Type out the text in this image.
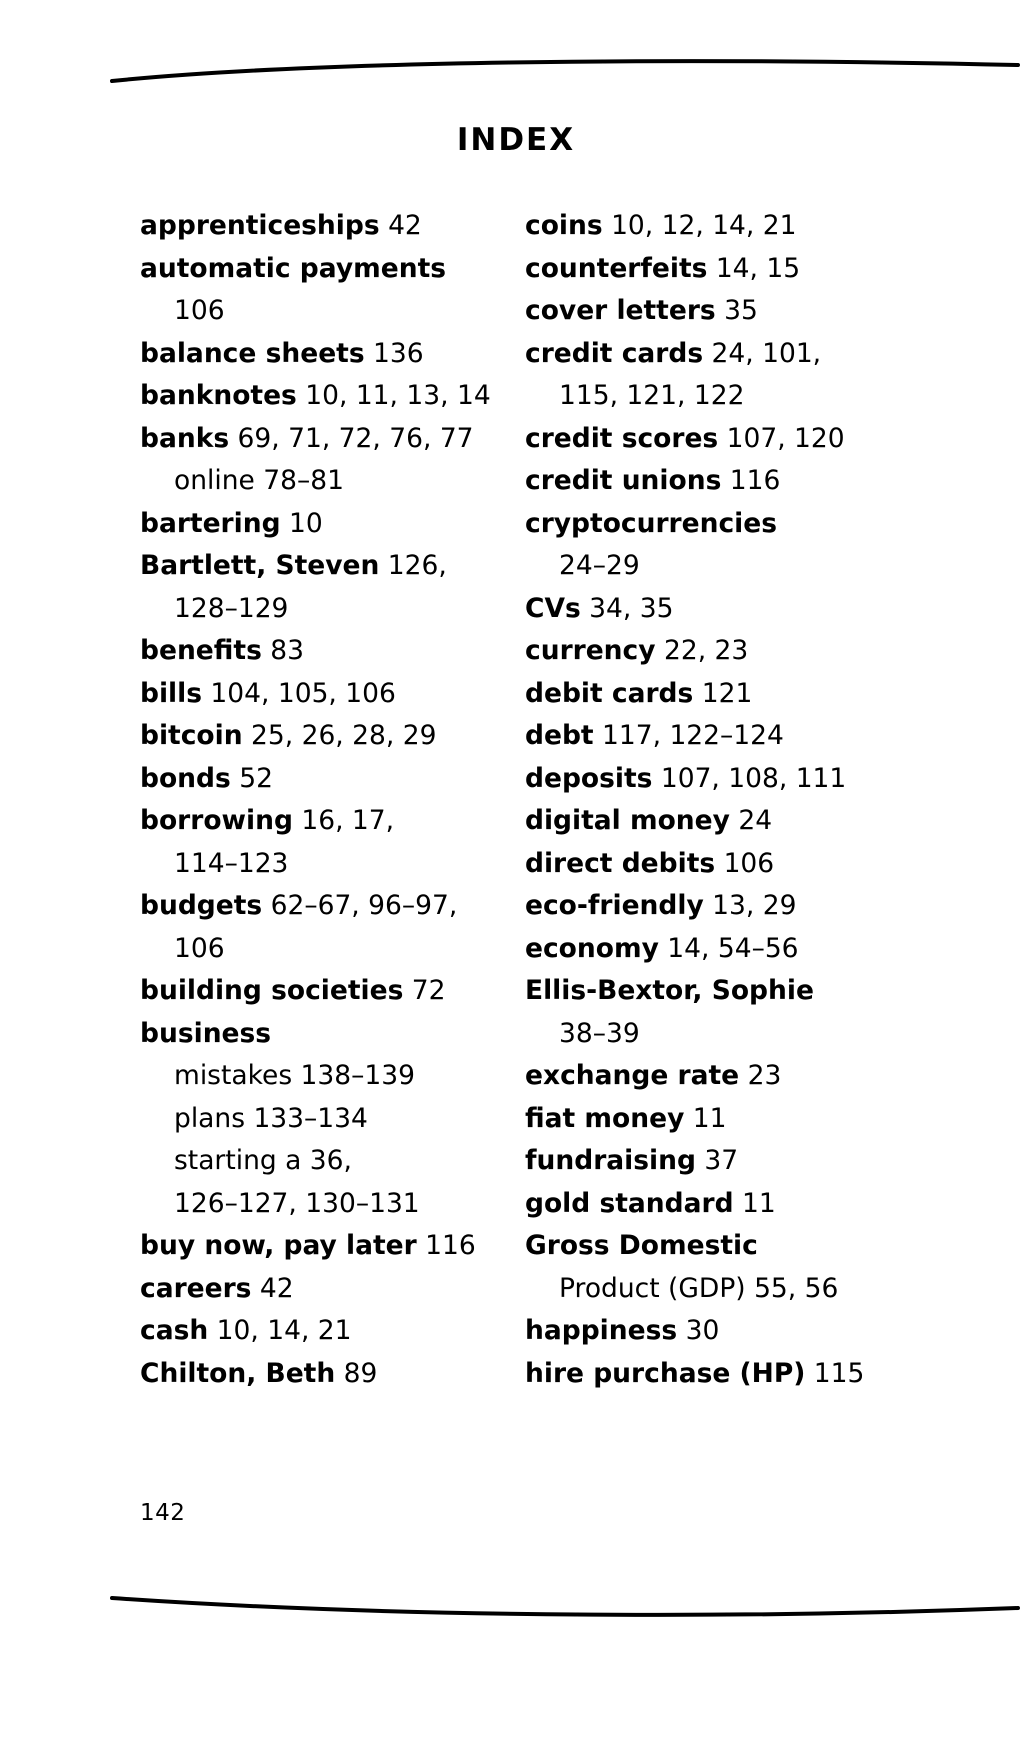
INDEX
apprenticeships 42
automatic payments
106
balance sheets 136
banknotes 10, 11, 13, 14
banks 69, 71, 72, 76, 77
online 78–81
bartering 10
Bartlett, Steven 126,
128–129
benefits 83
bills 104, 105, 106
bitcoin 25, 26, 28, 29
bonds 52
borrowing 16, 17,
114–123
budgets 62–67, 96–97,
106
building societies 72
business
mistakes 138–139
plans 133–134
starting a 36,
126–127, 130–131
buy now, pay later 116
careers 42
cash 10, 14, 21
Chilton, Beth 89
coins 10, 12, 14, 21
counterfeits 14, 15
cover letters 35
credit cards 24, 101,
115, 121, 122
credit scores 107, 120
credit unions 116
cryptocurrencies
24–29
CVs 34, 35
currency 22, 23
debit cards 121
debt 117, 122–124
deposits 107, 108, 111
digital money 24
direct debits 106
eco-friendly 13, 29
economy 14, 54–56
Ellis-Bextor, Sophie
38–39
exchange rate 23
fiat money 11
fundraising 37
gold standard 11
Gross Domestic
Product (GDP) 55, 56
happiness 30
hire purchase (HP) 115
142
